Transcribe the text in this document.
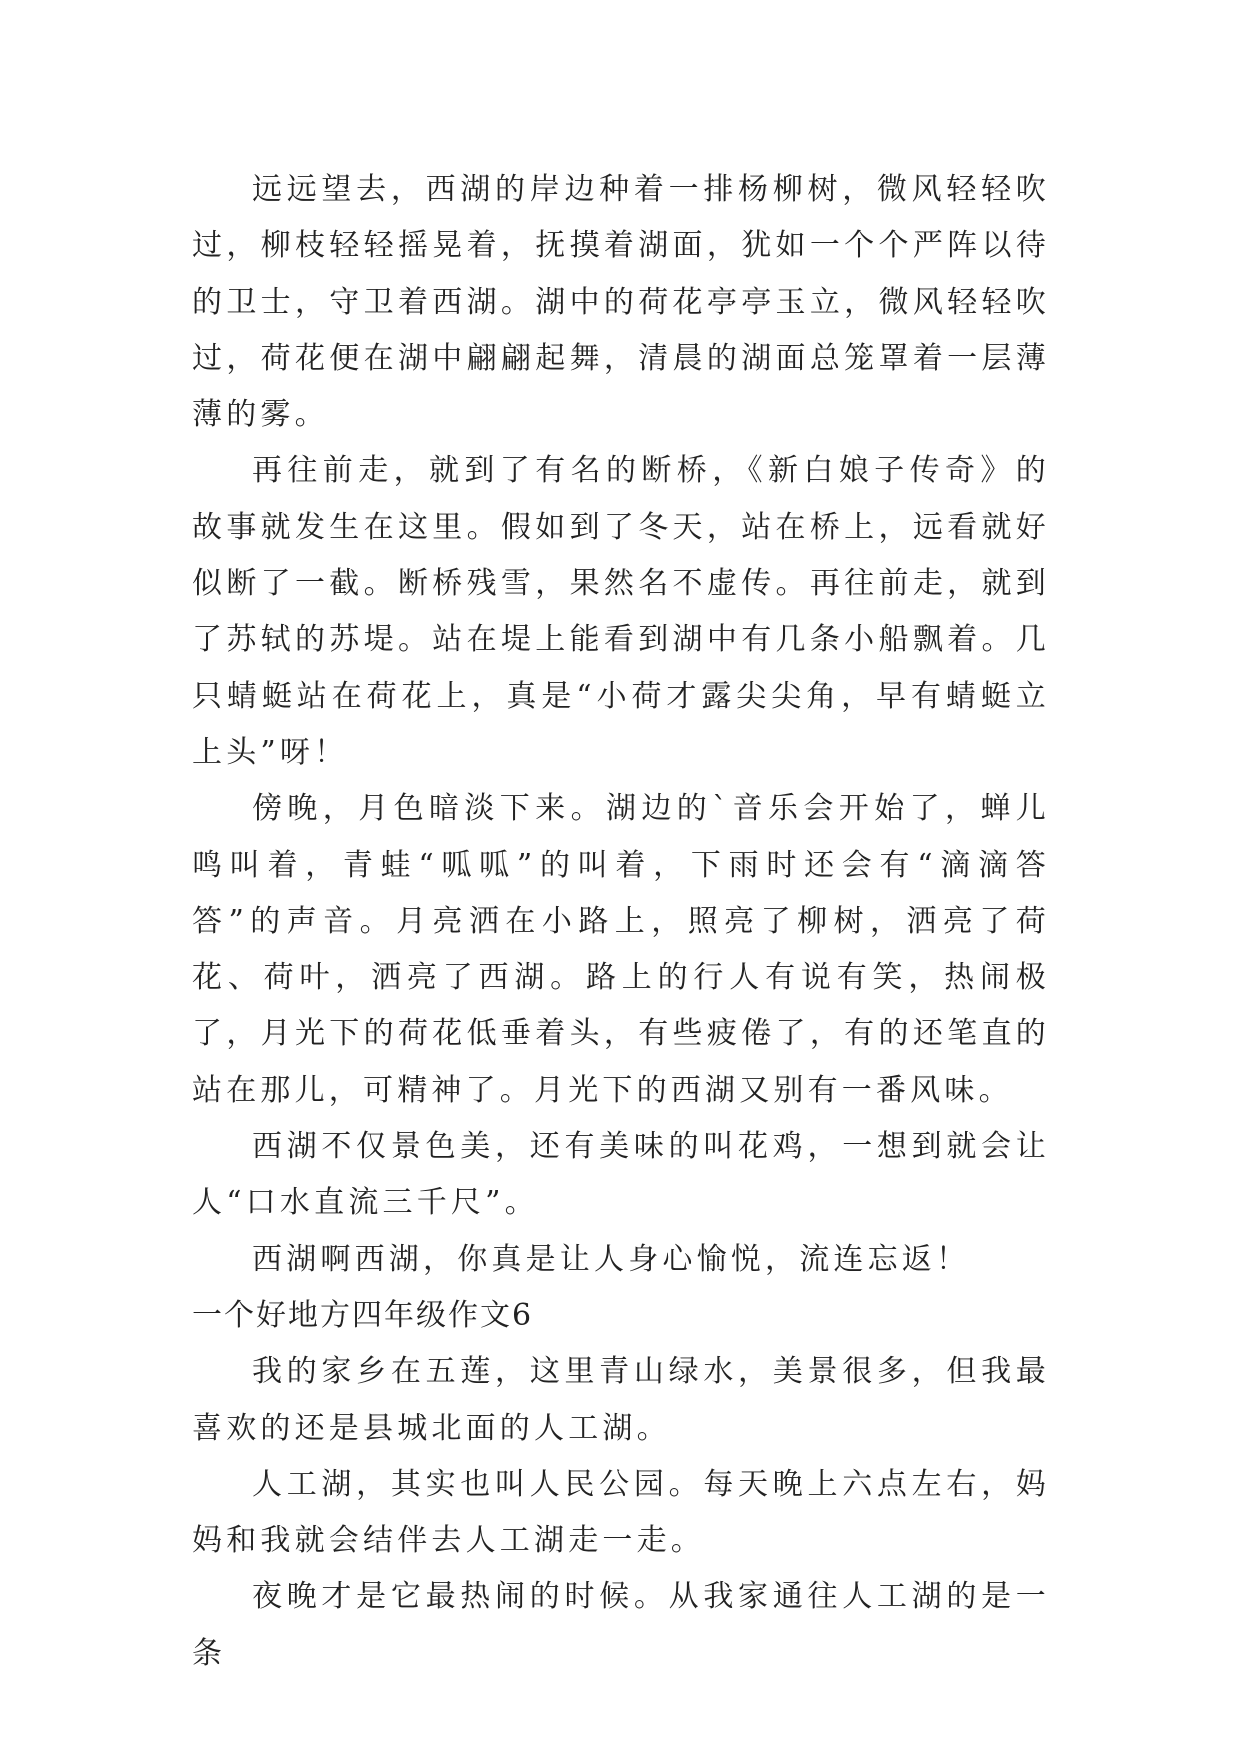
远远望去，西湖的岸边种着一排杨柳树，微风轻轻吹过，柳枝轻轻摇晃着，抚摸着湖面，犹如一个个严阵以待的卫士，守卫着西湖。湖中的荷花亭亭玉立，微风轻轻吹过，荷花便在湖中翩翩起舞，清晨的湖面总笼罩着一层薄薄的雾。

再往前走，就到了有名的断桥，《新白娘子传奇》的故事就发生在这里。假如到了冬天，站在桥上，远看就好似断了一截。断桥残雪，果然名不虚传。再往前走，就到了苏轼的苏堤。站在堤上能看到湖中有几条小船飘着。几只蜻蜓站在荷花上，真是“小荷才露尖尖角，早有蜻蜓立上头”呀！

傍晚，月色暗淡下来。湖边的`音乐会开始了，蝉儿鸣叫着，青蛙“呱呱”的叫着，下雨时还会有“滴滴答答”的声音。月亮洒在小路上，照亮了柳树，洒亮了荷花、荷叶，洒亮了西湖。路上的行人有说有笑，热闹极了，月光下的荷花低垂着头，有些疲倦了，有的还笔直的站在那儿，可精神了。月光下的西湖又别有一番风味。

西湖不仅景色美，还有美味的叫花鸡，一想到就会让人“口水直流三千尺”。

西湖啊西湖，你真是让人身心愉悦，流连忘返！

一个好地方四年级作文6

我的家乡在五莲，这里青山绿水，美景很多，但我最喜欢的还是县城北面的人工湖。

人工湖，其实也叫人民公园。每天晚上六点左右，妈妈和我就会结伴去人工湖走一走。

夜晚才是它最热闹的时候。从我家通往人工湖的是一条
